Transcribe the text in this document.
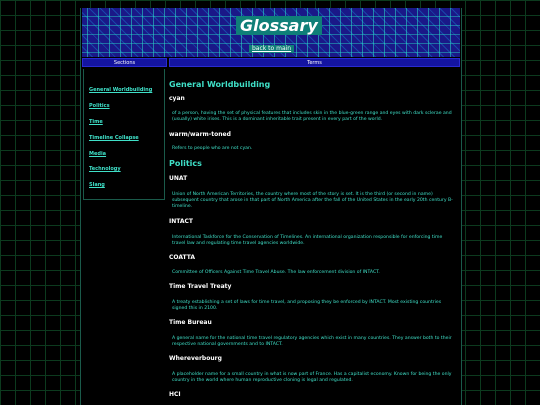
Glossary
back to main
Sections	Terms
General Worldbuilding
Politics
Time
Timeline Collapse
Media
Technology
Slang
General Worldbuilding
cyan
of a person, having the set of physical features that includes skin in the blue-green range and eyes with dark sclerae and (usually) white irises. This is a dominant inheritable trait present in every part of the world.
warm/warm-toned
Refers to people who are not cyan.
Politics
UNAT
Union of North American Territories, the country where most of the story is set. It is the third (or second in name) subsequent country that arose in that part of North America after the fall of the United States in the early 20th century B-timeline.
INTACT
International Taskforce for the Conservation of Timelines. An international organization responsible for enforcing time travel law and regulating time travel agencies worldwide.
COATTA
Committee of Officers Against Time Travel Abuse. The law enforcement division of INTACT.
Time Travel Treaty
A treaty establishing a set of laws for time travel, and proposing they be enforced by INTACT. Most existing countries signed this in 2100.
Time Bureau
A general name for the national time travel regulatory agencies which exist in many countries. They answer both to their respective national governments and to INTACT.
Whereverbourg
A placeholder name for a small country in what is now part of France. Has a capitalist economy. Known for being the only country in the world where human reproductive cloning is legal and regulated.
HCI
